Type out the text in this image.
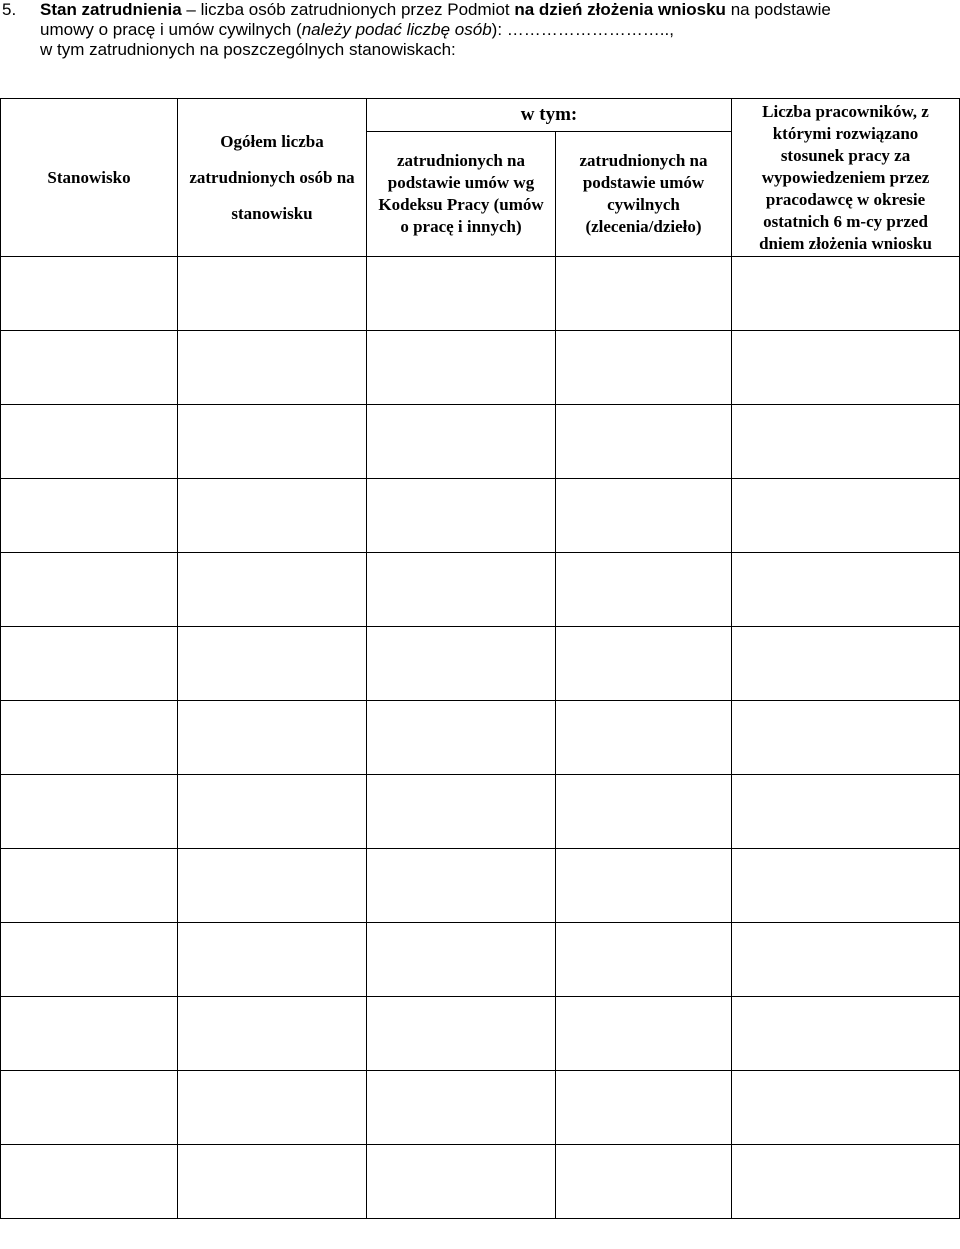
5. Stan zatrudnienia – liczba osób zatrudnionych przez Podmiot na dzień złożenia wniosku na podstawie
umowy o pracę i umów cywilnych (należy podać liczbę osób): ………………………..,
w tym zatrudnionych na poszczególnych stanowiskach:
Stanowisko	Ogółem liczba zatrudnionych osób na stanowisku	w tym:		Liczba pracowników, z którymi rozwiązano stosunek pracy za wypowiedzeniem przez pracodawcę w okresie ostatnich 6 m-cy przed dniem złożenia wniosku

		zatrudnionych na podstawie umów wg Kodeksu Pracy (umów o pracę i innych)	zatrudnionych na podstawie umów cywilnych (zlecenia/dzieło)	
